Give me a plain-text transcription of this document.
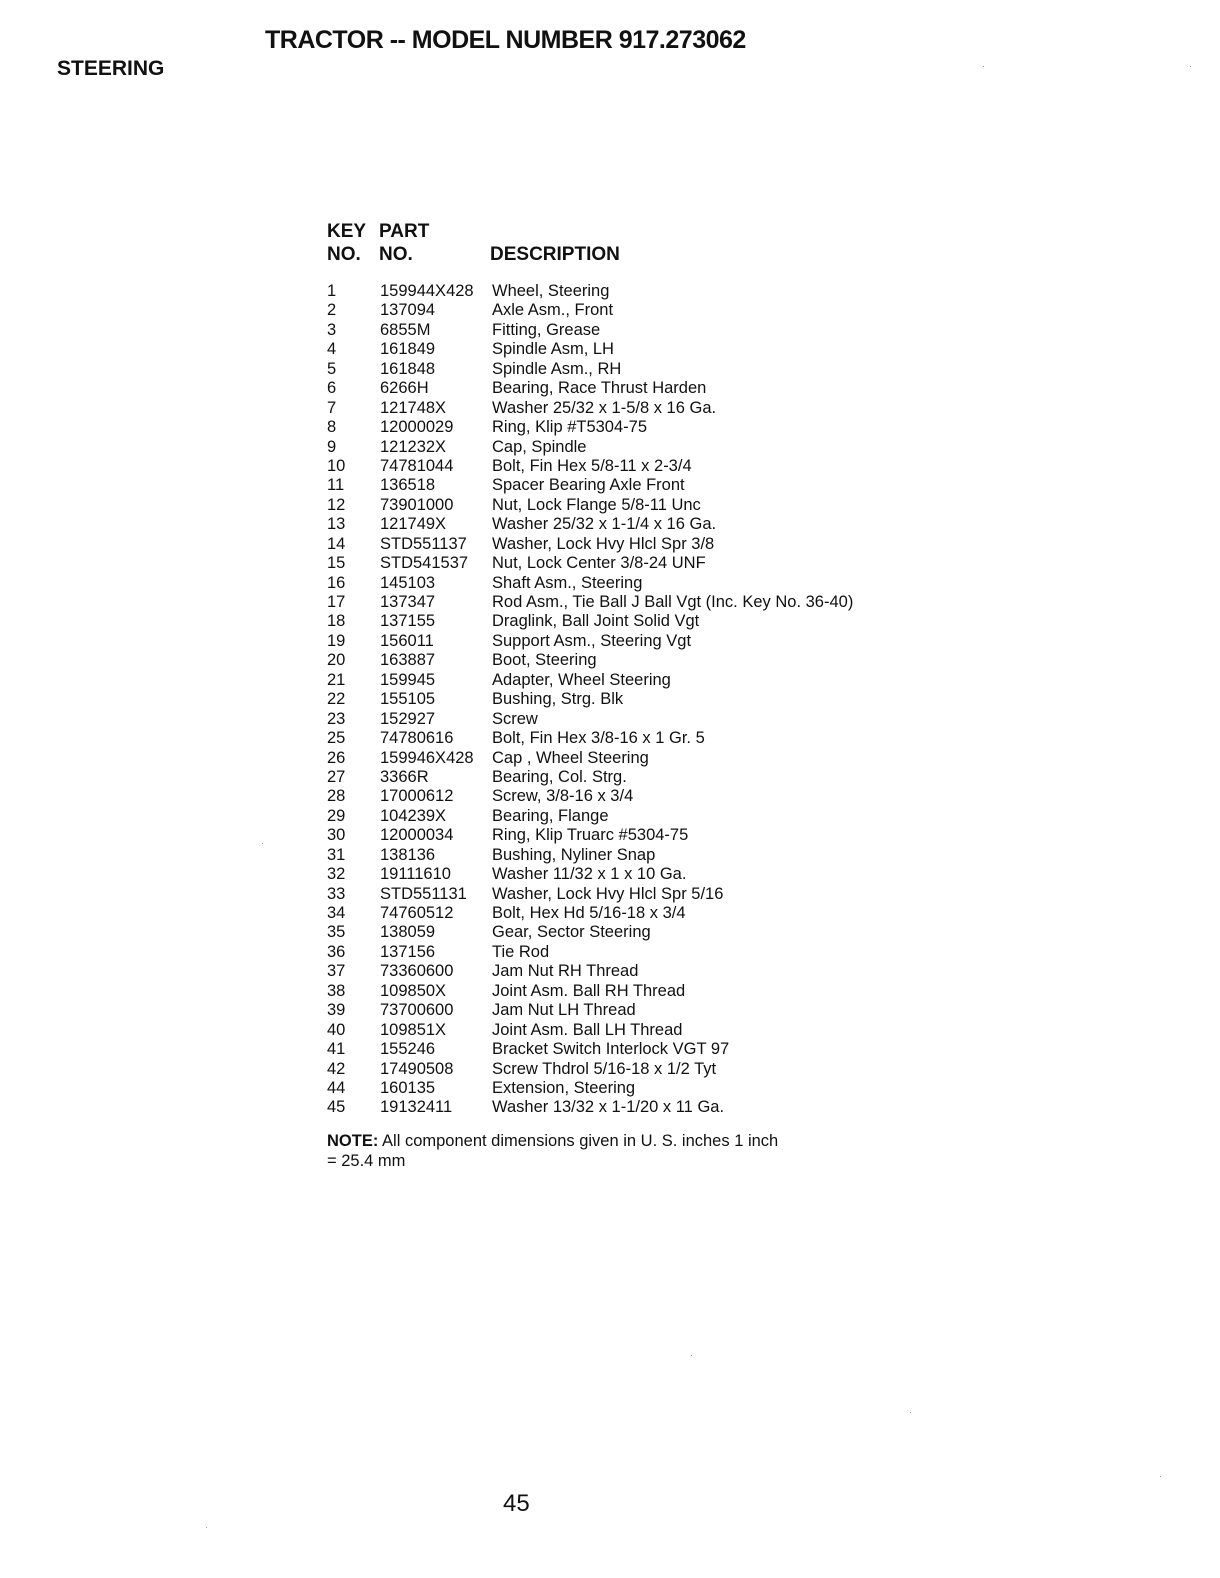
TRACTOR -- MODEL NUMBER 917.273062
STEERING
KEY PART
NO. NO.	DESCRIPTION
1	159944X428	Wheel, Steering
2	137094	Axle Asm., Front
3	6855M	Fitting, Grease
4	161849	Spindle Asm, LH
5	161848	Spindle Asm., RH
6	6266H	Bearing, Race Thrust Harden
7	121748X	Washer 25/32 x 1-5/8 x 16 Ga.
8	12000029	Ring, Klip #T5304-75
9	121232X	Cap, Spindle
10	74781044	Bolt, Fin Hex 5/8-11 x 2-3/4
11	136518	Spacer Bearing Axle Front
12	73901000	Nut, Lock Flange 5/8-11 Unc
13	121749X	Washer 25/32 x 1-1/4 x 16 Ga.
14	STD551137	Washer, Lock Hvy Hlcl Spr 3/8
15	STD541537	Nut, Lock Center 3/8-24 UNF
16	145103	Shaft Asm., Steering
17	137347	Rod Asm., Tie Ball J Ball Vgt (Inc. Key No. 36-40)
18	137155	Draglink, Ball Joint Solid Vgt
19	156011	Support Asm., Steering Vgt
20	163887	Boot, Steering
21	159945	Adapter, Wheel Steering
22	155105	Bushing, Strg. Blk
23	152927	Screw
25	74780616	Bolt, Fin Hex 3/8-16 x 1 Gr. 5
26	159946X428	Cap , Wheel Steering
27	3366R	Bearing, Col. Strg.
28	17000612	Screw, 3/8-16 x 3/4
29	104239X	Bearing, Flange
30	12000034	Ring, Klip Truarc #5304-75
31	138136	Bushing, Nyliner Snap
32	19111610	Washer 11/32 x 1 x 10 Ga.
33	STD551131	Washer, Lock Hvy Hlcl Spr 5/16
34	74760512	Bolt, Hex Hd 5/16-18 x 3/4
35	138059	Gear, Sector Steering
36	137156	Tie Rod
37	73360600	Jam Nut RH Thread
38	109850X	Joint Asm. Ball RH Thread
39	73700600	Jam Nut LH Thread
40	109851X	Joint Asm. Ball LH Thread
41	155246	Bracket Switch Interlock VGT 97
42	17490508	Screw Thdrol 5/16-18 x 1/2 Tyt
44	160135	Extension, Steering
45	19132411	Washer 13/32 x 1-1/20 x 11 Ga.
NOTE: All component dimensions given in U. S. inches 1 inch = 25.4 mm
45
